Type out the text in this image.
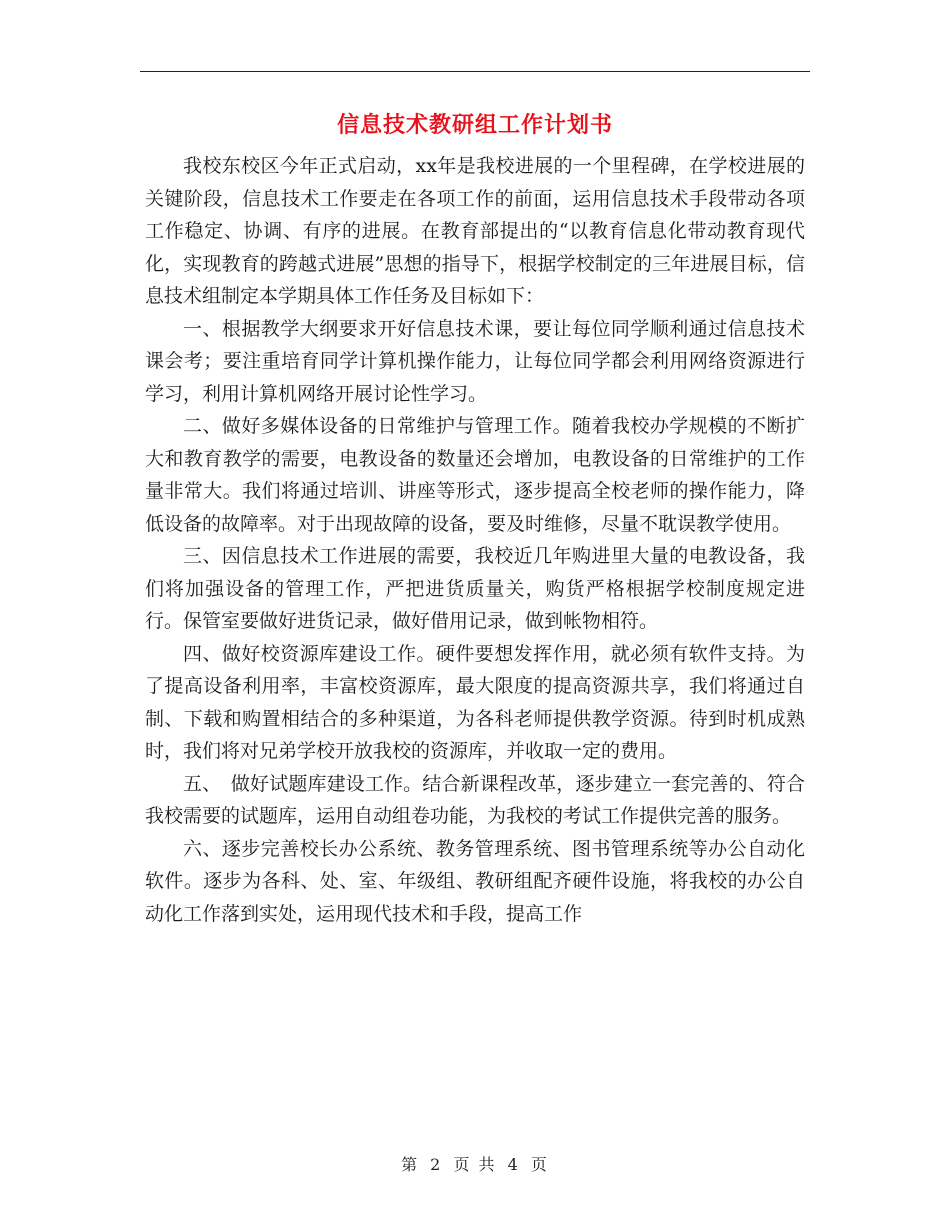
信息技术教研组工作计划书

我校东校区今年正式启动，xx年是我校进展的一个里程碑，在学校进展的关键阶段，信息技术工作要走在各项工作的前面，运用信息技术手段带动各项工作稳定、协调、有序的进展。在教育部提出的“以教育信息化带动教育现代化，实现教育的跨越式进展”思想的指导下，根据学校制定的三年进展目标，信息技术组制定本学期具体工作任务及目标如下：

一、根据教学大纲要求开好信息技术课，要让每位同学顺利通过信息技术课会考；要注重培育同学计算机操作能力，让每位同学都会利用网络资源进行学习，利用计算机网络开展讨论性学习。

二、做好多媒体设备的日常维护与管理工作。随着我校办学规模的不断扩大和教育教学的需要，电教设备的数量还会增加，电教设备的日常维护的工作量非常大。我们将通过培训、讲座等形式，逐步提高全校老师的操作能力，降低设备的故障率。对于出现故障的设备，要及时维修，尽量不耽误教学使用。

三、因信息技术工作进展的需要，我校近几年购进里大量的电教设备，我们将加强设备的管理工作，严把进货质量关，购货严格根据学校制度规定进行。保管室要做好进货记录，做好借用记录，做到帐物相符。

四、做好校资源库建设工作。硬件要想发挥作用，就必须有软件支持。为了提高设备利用率，丰富校资源库，最大限度的提高资源共享，我们将通过自制、下载和购置相结合的多种渠道，为各科老师提供教学资源。待到时机成熟时，我们将对兄弟学校开放我校的资源库，并收取一定的费用。

五、　做好试题库建设工作。结合新课程改革，逐步建立一套完善的、符合我校需要的试题库，运用自动组卷功能，为我校的考试工作提供完善的服务。

六、逐步完善校长办公系统、教务管理系统、图书管理系统等办公自动化软件。逐步为各科、处、室、年级组、教研组配齐硬件设施，将我校的办公自动化工作落到实处，运用现代技术和手段，提高工作

第 2 页 共 4 页
